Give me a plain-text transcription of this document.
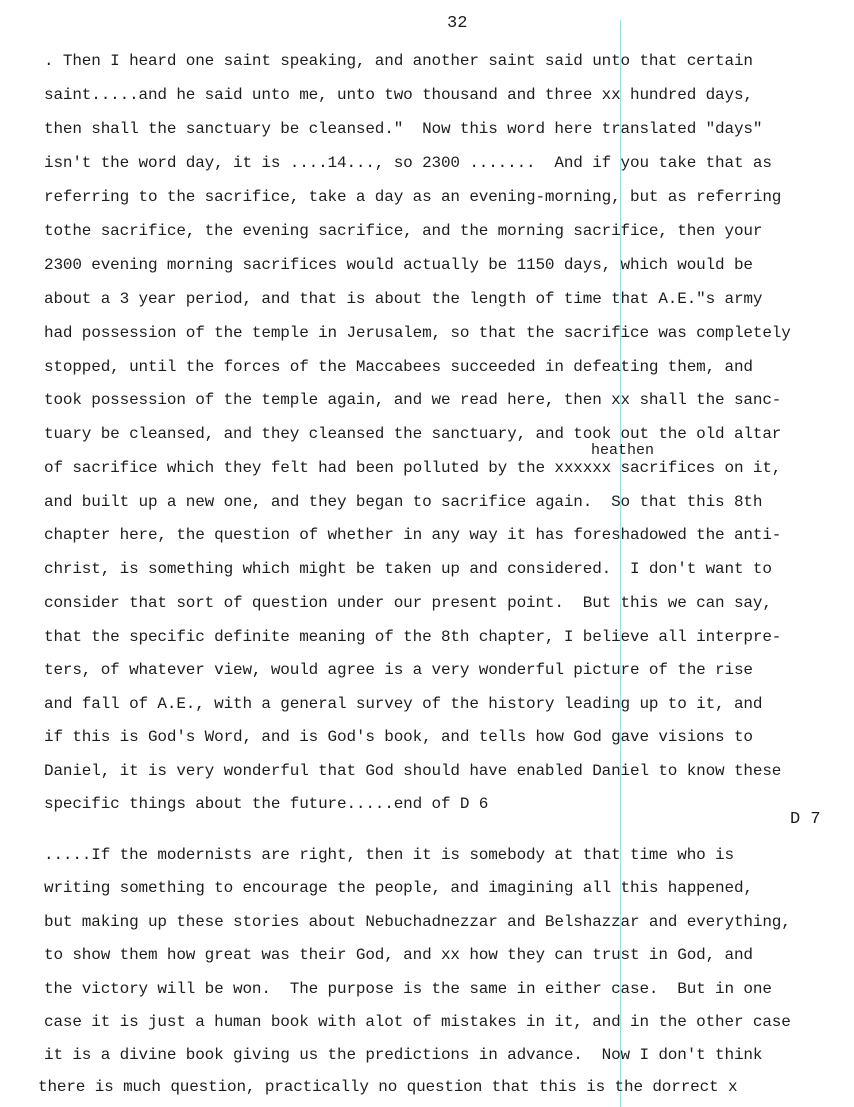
32
heathen
D 7
. Then I heard one saint speaking, and another saint said unto that certain
saint.....and he said unto me, unto two thousand and three xx hundred days,
then shall the sanctuary be cleansed."  Now this word here translated "days"
isn't the word day, it is ....14..., so 2300 .......  And if you take that as
referring to the sacrifice, take a day as an evening-morning, but as referring
tothe sacrifice, the evening sacrifice, and the morning sacrifice, then your
2300 evening morning sacrifices would actually be 1150 days, which would be
about a 3 year period, and that is about the length of time that A.E."s army
had possession of the temple in Jerusalem, so that the sacrifice was completely
stopped, until the forces of the Maccabees succeeded in defeating them, and
took possession of the temple again, and we read here, then xx shall the sanc-
tuary be cleansed, and they cleansed the sanctuary, and took out the old altar
of sacrifice which they felt had been polluted by the xxxxxx sacrifices on it,
and built up a new one, and they began to sacrifice again.  So that this 8th
chapter here, the question of whether in any way it has foreshadowed the anti-
christ, is something which might be taken up and considered.  I don't want to
consider that sort of question under our present point.  But this we can say,
that the specific definite meaning of the 8th chapter, I believe all interpre-
ters, of whatever view, would agree is a very wonderful picture of the rise
and fall of A.E., with a general survey of the history leading up to it, and
if this is God's Word, and is God's book, and tells how God gave visions to
Daniel, it is very wonderful that God should have enabled Daniel to know these
specific things about the future.....end of D 6
.....If the modernists are right, then it is somebody at that time who is
writing something to encourage the people, and imagining all this happened,
but making up these stories about Nebuchadnezzar and Belshazzar and everything,
to show them how great was their God, and xx how they can trust in God, and
the victory will be won.  The purpose is the same in either case.  But in one
case it is just a human book with alot of mistakes in it, and in the other case
it is a divine book giving us the predictions in advance.  Now I don't think
there is much question, practically no question that this is the dorrect x
